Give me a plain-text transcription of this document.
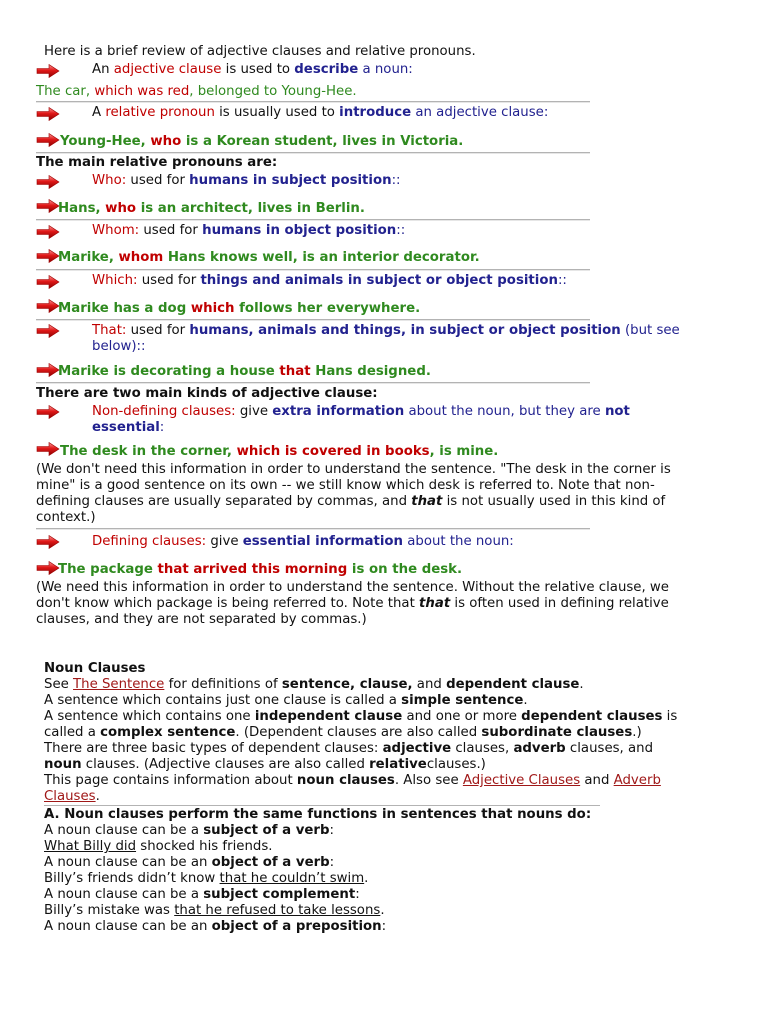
Here is a brief review of adjective clauses and relative pronouns.
An adjective clause is used to describe a noun:
The car, which was red, belonged to Young-Hee.
A relative pronoun is usually used to introduce an adjective clause:
Young-Hee, who is a Korean student, lives in Victoria.
The main relative pronouns are:
Who: used for humans in subject position::
Hans, who is an architect, lives in Berlin.
Whom: used for humans in object position::
Marike, whom Hans knows well, is an interior decorator.
Which: used for things and animals in subject or object position::
Marike has a dog which follows her everywhere.
That: used for humans, animals and things, in subject or object position (but see
below)::
Marike is decorating a house that Hans designed.
There are two main kinds of adjective clause:
Non-defining clauses: give extra information about the noun, but they are not
essential:
The desk in the corner, which is covered in books, is mine.
(We don't need this information in order to understand the sentence. "The desk in the corner is mine" is a good sentence on its own -- we still know which desk is referred to. Note that non-defining clauses are usually separated by commas, and that is not usually used in this kind of context.)
Defining clauses: give essential information about the noun:
The package that arrived this morning is on the desk.
(We need this information in order to understand the sentence. Without the relative clause, we don't know which package is being referred to. Note that that is often used in defining relative clauses, and they are not separated by commas.)
Noun Clauses
See The Sentence for definitions of sentence, clause, and dependent clause.
A sentence which contains just one clause is called a simple sentence.
A sentence which contains one independent clause and one or more dependent clauses is called a complex sentence. (Dependent clauses are also called subordinate clauses.)
There are three basic types of dependent clauses: adjective clauses, adverb clauses, and noun clauses. (Adjective clauses are also called relativeclauses.)
This page contains information about noun clauses. Also see Adjective Clauses and Adverb Clauses.
A. Noun clauses perform the same functions in sentences that nouns do:
A noun clause can be a subject of a verb:
What Billy did shocked his friends.
A noun clause can be an object of a verb:
Billy’s friends didn’t know that he couldn’t swim.
A noun clause can be a subject complement:
Billy’s mistake was that he refused to take lessons.
A noun clause can be an object of a preposition:
